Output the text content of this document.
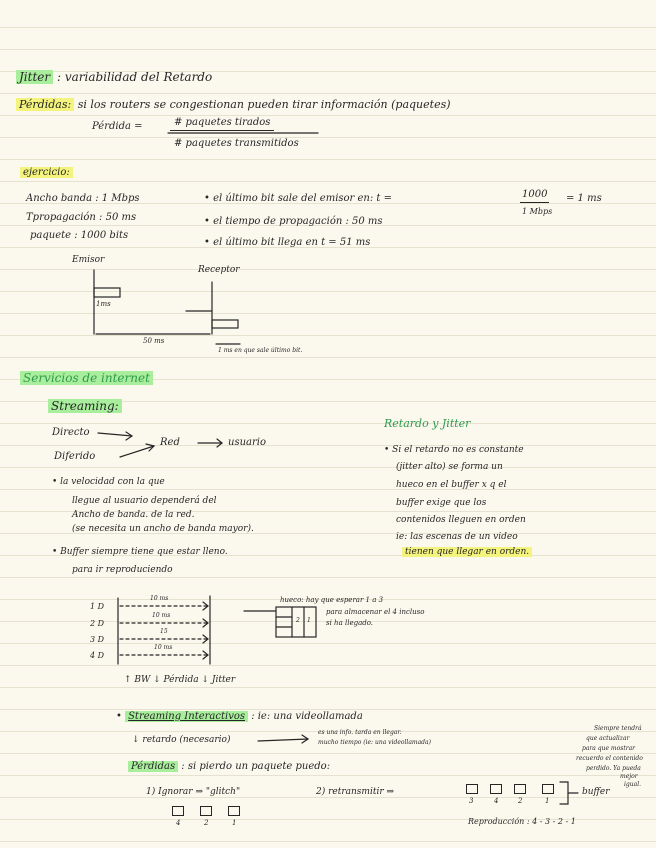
Jitter : variabilidad del Retardo
Pérdidas: si los routers se congestionan pueden tirar información (paquetes)
Pérdida =	# paquetes tirados
# paquetes transmitidos
ejercicio:
Ancho banda : 1 Mbps
Tpropagación : 50 ms
paquete : 1000 bits
• el último bit sale del emisor en: t =	1000
1 Mbps
= 1 ms
• el tiempo de propagación : 50 ms
• el último bit llega en t = 51 ms
Emisor
Receptor
1ms
50 ms
1 ms en que sale último bit.
Servicios de internet
Streaming:
Directo
Diferido
Red	usuario
• la velocidad con la que
llegue al usuario dependerá del
Ancho de banda. de la red.
(se necesita un ancho de banda mayor).
• Buffer siempre tiene que estar lleno.
para ir reproduciendo
Retardo y Jitter
• Si el retardo no es constante
(jitter alto) se forma un
hueco en el buffer x q el
buffer exige que los
contenidos lleguen en orden
ie: las escenas de un video
tienen que llegar en orden.
1 D
2 D
3 D
4 D
10 ms
10 ms
15
10 ms
hueco: hay que esperar 1 a 3
para almacenar el 4 incluso
si ha llegado.
2 1
↑ BW ↓ Pérdida ↓ Jitter
• Streaming Interactivos : ie: una videollamada
↓ retardo (necesario)
es una info. tarda en llegar.
mucho tiempo (ie: una videollamada)
Siempre tendrá
que actualizar
para que mostrar
recuerdo el contenido
perdido. Ya pueda
mejor
igual.
Pérdidas : si pierdo un paquete puedo:
1) Ignorar ⇒ "glitch"	2) retransmitir ⇒	buffer
3	4	2	1
4	2	1	Reproducción : 4 - 3 - 2 - 1
